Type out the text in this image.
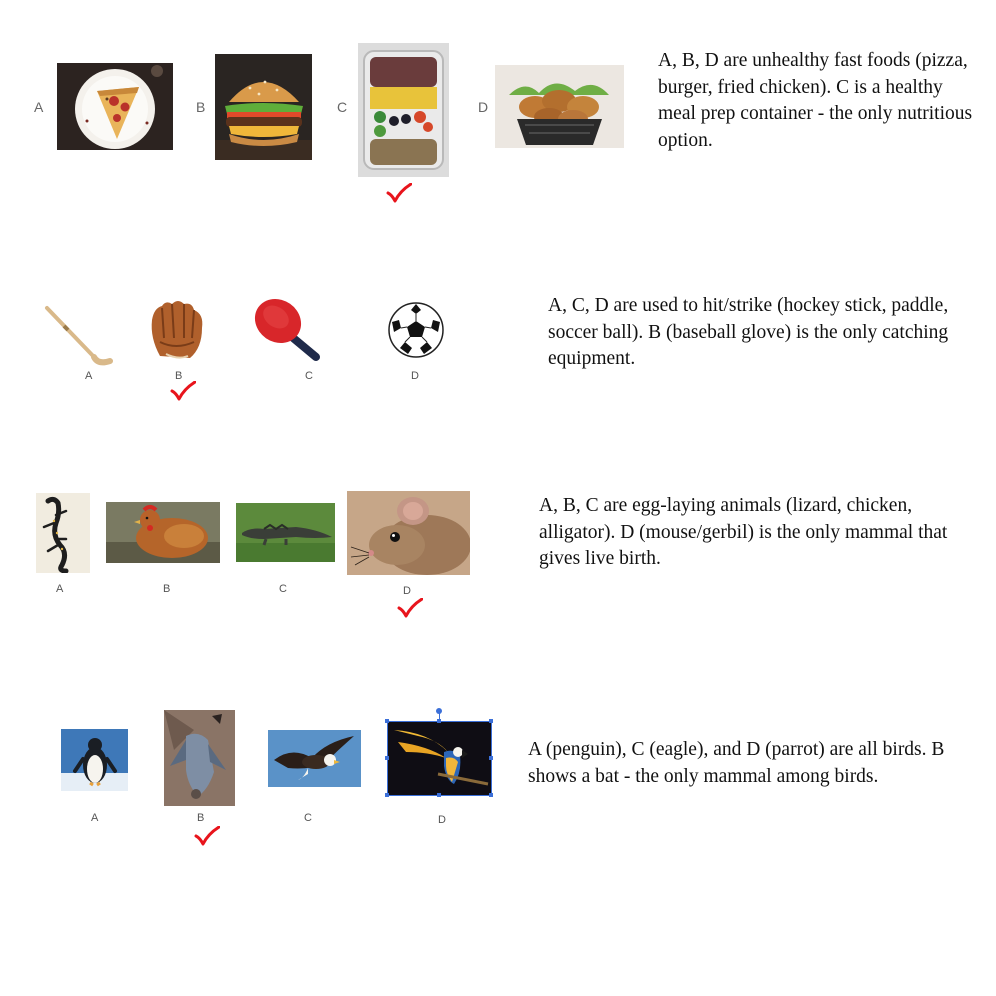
A	B	C	D

A, B, D are unhealthy fast foods (pizza, burger, fried chicken). C is a healthy meal prep container - the only nutritious option.

A	B	C	D

A, C, D are used to hit/strike (hockey stick, paddle, soccer ball). B (baseball glove) is the only catching equipment.

A	B	C	D

A, B, C are egg-laying animals (lizard, chicken, alligator). D (mouse/gerbil) is the only mammal that gives live birth.

A	B	C	D

A (penguin), C (eagle), and D (parrot) are all birds. B shows a bat - the only mammal among birds.
